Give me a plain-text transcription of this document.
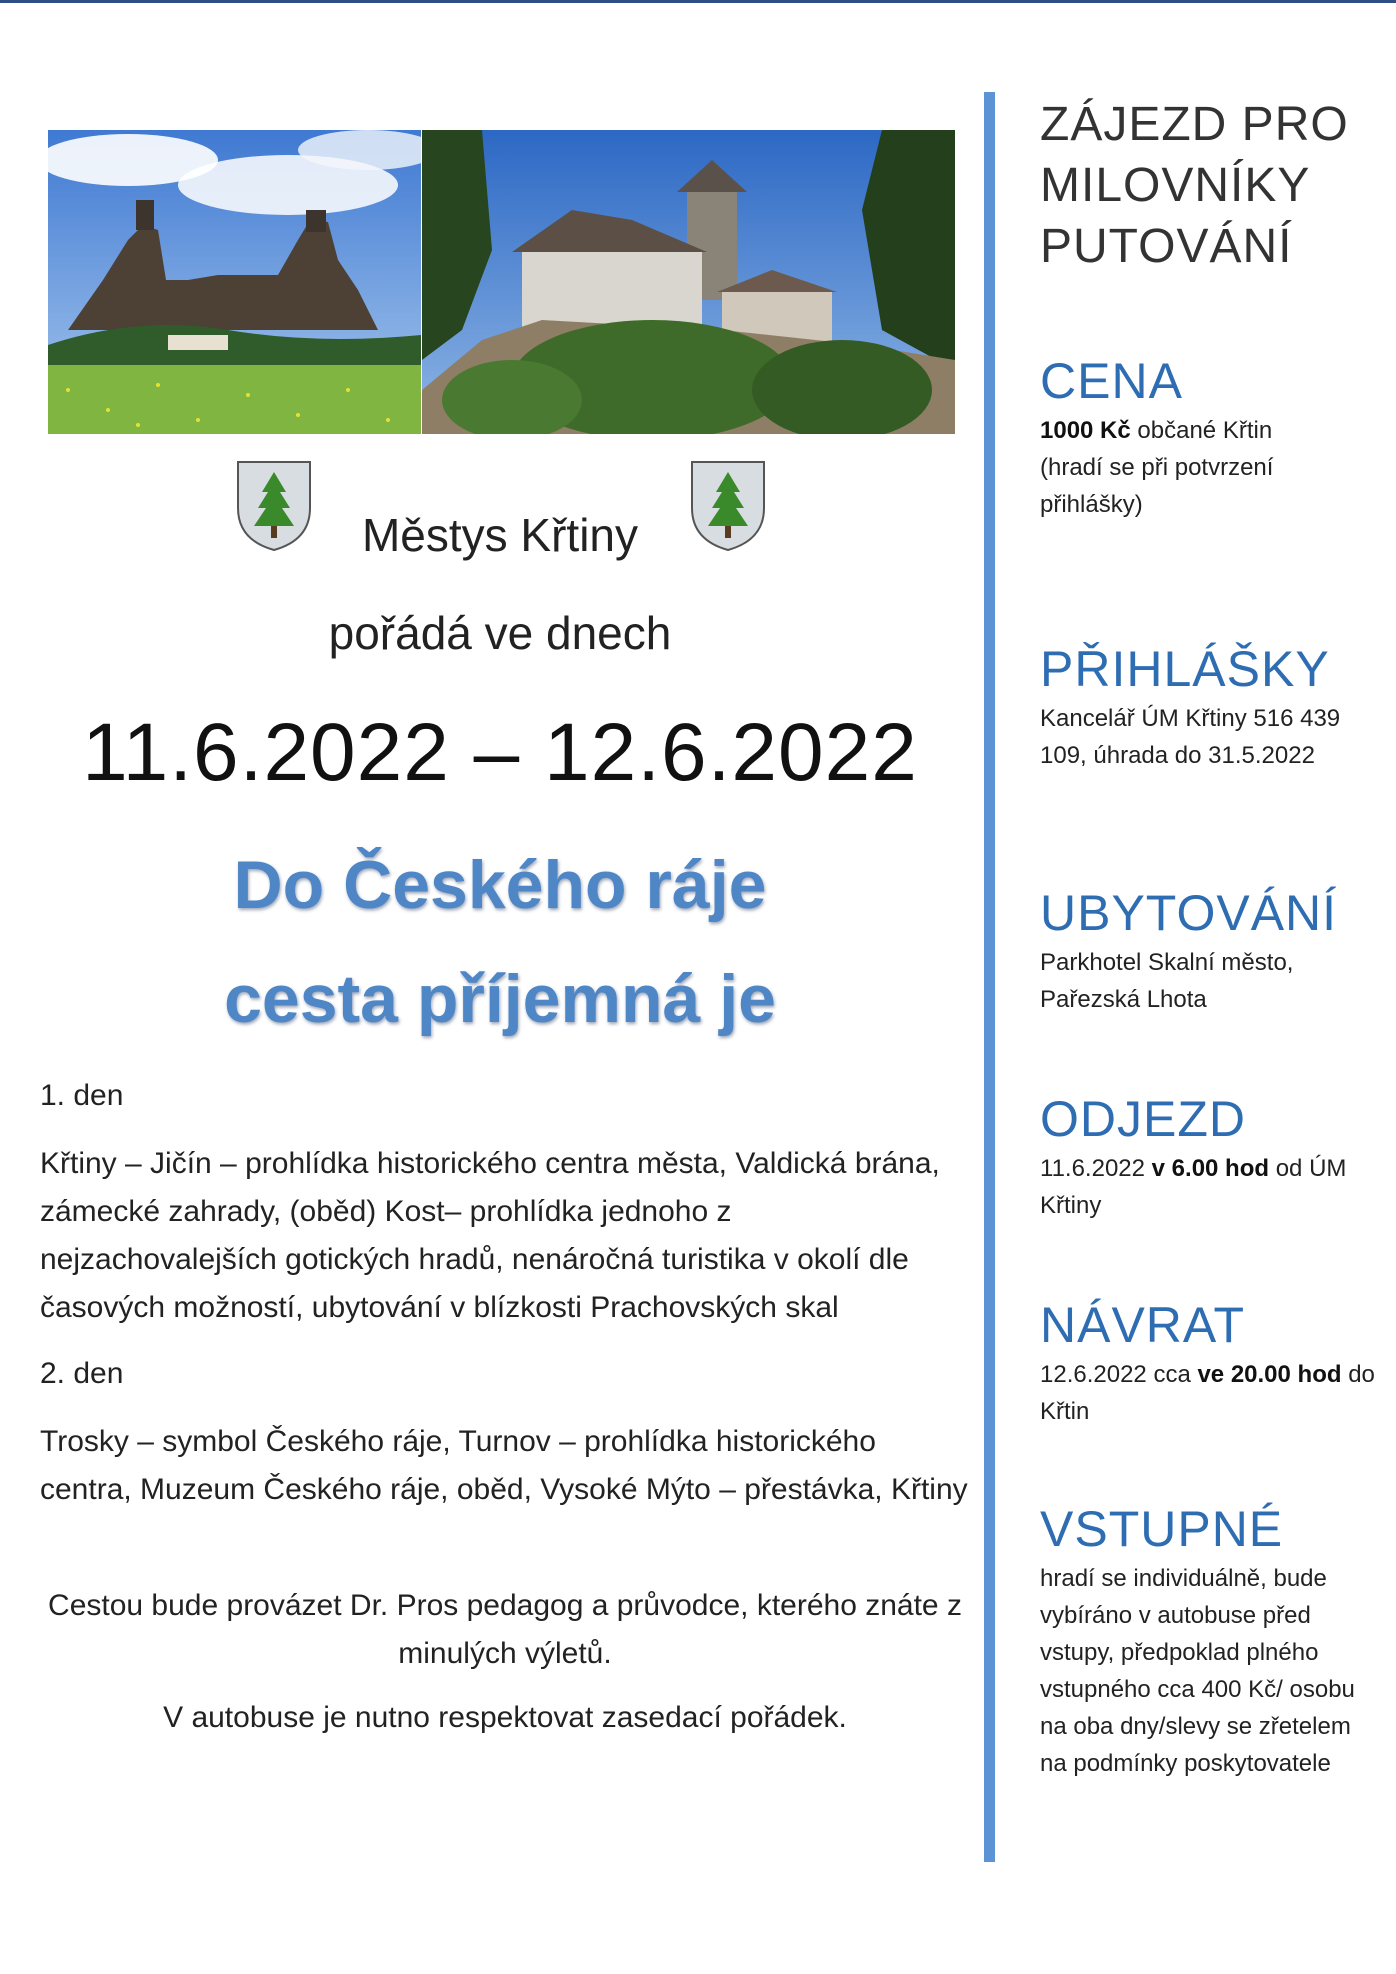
Městys Křtiny
pořádá ve dnech
11.6.2022 – 12.6.2022
Do Českého ráje
cesta příjemná je
1. den
Křtiny – Jičín – prohlídka historického centra města, Valdická brána, zámecké zahrady, (oběd) Kost– prohlídka jednoho z nejzachovalejších gotických hradů, nenáročná turistika v okolí dle časových možností, ubytování v blízkosti Prachovských skal
2. den
Trosky – symbol Českého ráje, Turnov – prohlídka historického centra, Muzeum Českého ráje, oběd, Vysoké Mýto – přestávka, Křtiny
Cestou bude provázet Dr. Pros pedagog a průvodce, kterého znáte z minulých výletů.
V autobuse je nutno respektovat zasedací pořádek.
ZÁJEZD PRO MILOVNÍKY PUTOVÁNÍ
CENA
1000 Kč občané Křtin
(hradí se při potvrzení přihlášky)
PŘIHLÁŠKY
Kancelář ÚM Křtiny 516 439 109, úhrada do 31.5.2022
UBYTOVÁNÍ
Parkhotel Skalní město, Pařezská Lhota
ODJEZD
11.6.2022 v 6.00 hod od ÚM Křtiny
NÁVRAT
12.6.2022 cca ve 20.00 hod do Křtin
VSTUPNÉ
hradí se individuálně, bude vybíráno v autobuse před vstupy, předpoklad plného vstupného cca 400 Kč/ osobu na oba dny/slevy se zřetelem na podmínky poskytovatele
